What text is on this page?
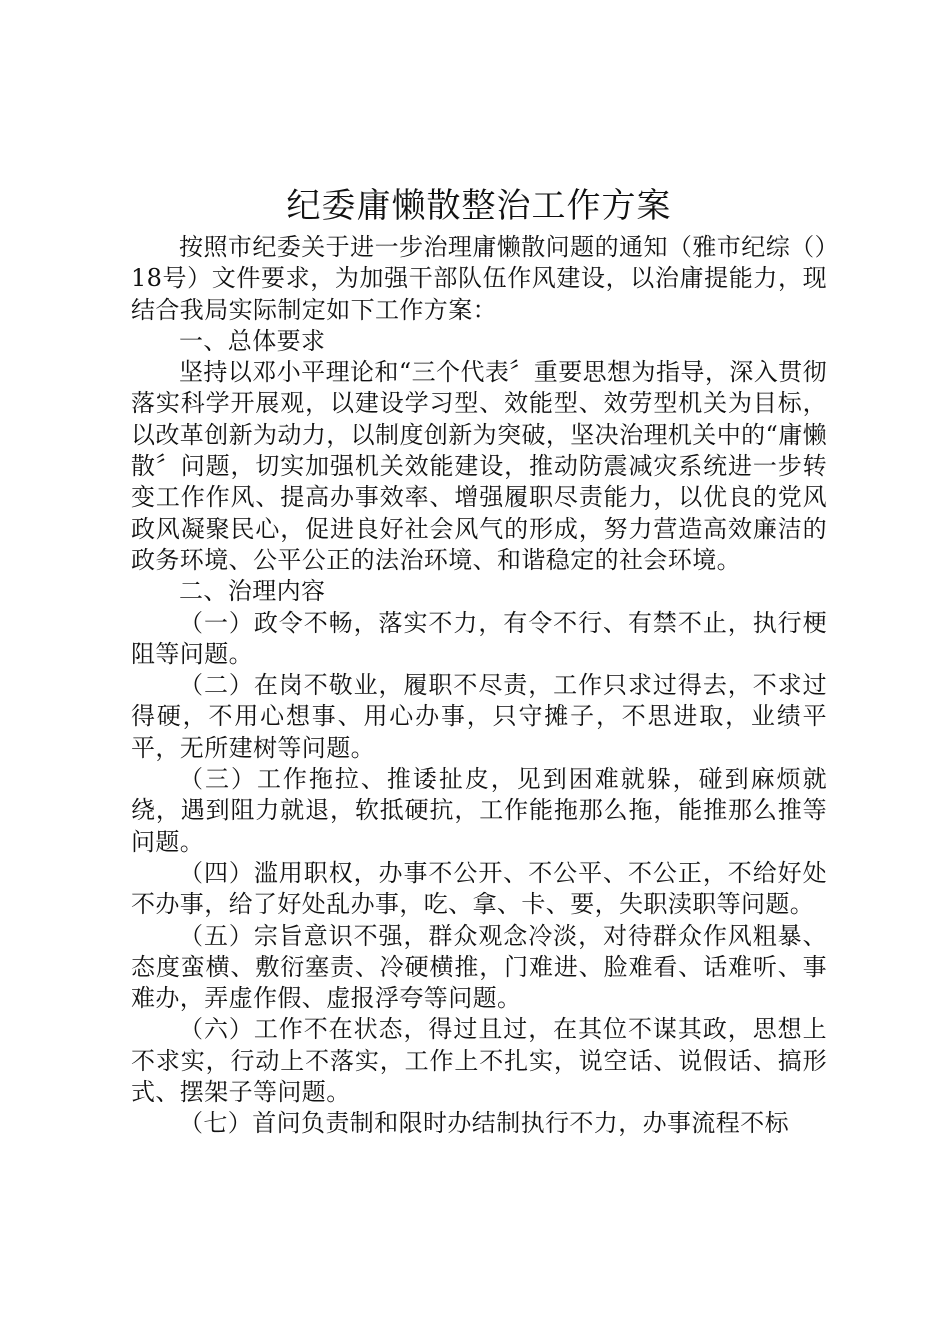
纪委庸懒散整治工作方案

按照市纪委关于进一步治理庸懒散问题的通知（雅市纪综（）18号）文件要求，为加强干部队伍作风建设，以治庸提能力，现结合我局实际制定如下工作方案：

一、总体要求

坚持以邓小平理论和“三个代表〞重要思想为指导，深入贯彻落实科学开展观，以建设学习型、效能型、效劳型机关为目标，以改革创新为动力，以制度创新为突破，坚决治理机关中的“庸懒散〞问题，切实加强机关效能建设，推动防震减灾系统进一步转变工作作风、提高办事效率、增强履职尽责能力，以优良的党风政风凝聚民心，促进良好社会风气的形成，努力营造高效廉洁的政务环境、公平公正的法治环境、和谐稳定的社会环境。

二、治理内容

（一）政令不畅，落实不力，有令不行、有禁不止，执行梗阻等问题。

（二）在岗不敬业，履职不尽责，工作只求过得去，不求过得硬，不用心想事、用心办事，只守摊子，不思进取，业绩平平，无所建树等问题。

（三）工作拖拉、推诿扯皮，见到困难就躲，碰到麻烦就绕，遇到阻力就退，软抵硬抗，工作能拖那么拖，能推那么推等问题。

（四）滥用职权，办事不公开、不公平、不公正，不给好处不办事，给了好处乱办事，吃、拿、卡、要，失职渎职等问题。

（五）宗旨意识不强，群众观念冷淡，对待群众作风粗暴、态度蛮横、敷衍塞责、冷硬横推，门难进、脸难看、话难听、事难办，弄虚作假、虚报浮夸等问题。

（六）工作不在状态，得过且过，在其位不谋其政，思想上不求实，行动上不落实，工作上不扎实，说空话、说假话、搞形式、摆架子等问题。

（七）首问负责制和限时办结制执行不力，办事流程不标
